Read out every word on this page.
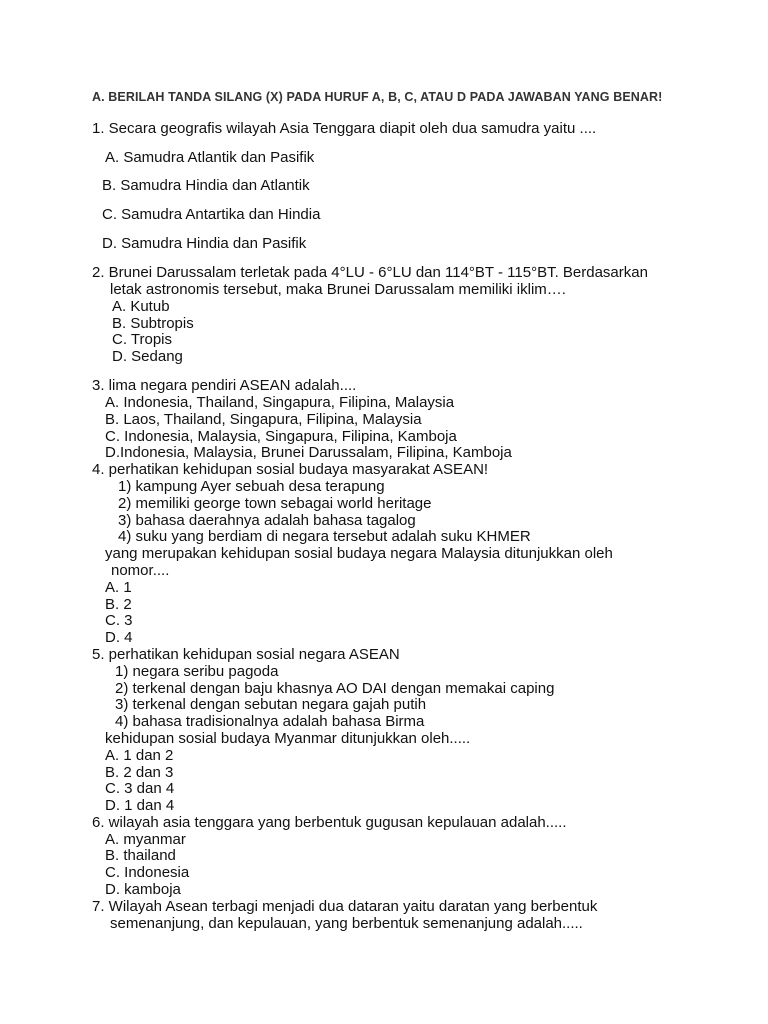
A. BERILAH TANDA SILANG (X) PADA HURUF A, B, C, ATAU D PADA JAWABAN YANG BENAR!
1. Secara geografis wilayah Asia Tenggara diapit oleh dua samudra yaitu ....
A. Samudra Atlantik dan Pasifik
B. Samudra Hindia dan Atlantik
C. Samudra Antartika dan Hindia
D. Samudra Hindia dan Pasifik
2. Brunei Darussalam terletak pada 4°LU - 6°LU dan 114°BT - 115°BT. Berdasarkan
letak astronomis tersebut, maka Brunei Darussalam memiliki iklim….
A. Kutub
B. Subtropis
C. Tropis
D. Sedang
3. lima negara pendiri ASEAN adalah....
A. Indonesia, Thailand, Singapura, Filipina, Malaysia
B. Laos, Thailand, Singapura, Filipina, Malaysia
C. Indonesia, Malaysia, Singapura, Filipina, Kamboja
D.Indonesia, Malaysia, Brunei Darussalam, Filipina, Kamboja
4. perhatikan kehidupan sosial budaya masyarakat ASEAN!
1) kampung Ayer sebuah desa terapung
2) memiliki george town sebagai world heritage
3) bahasa daerahnya adalah bahasa tagalog
4) suku yang berdiam di negara tersebut adalah suku KHMER
yang merupakan kehidupan sosial budaya negara Malaysia ditunjukkan oleh
nomor....
A. 1
B. 2
C. 3
D. 4
5. perhatikan kehidupan sosial negara ASEAN
1) negara seribu pagoda
2) terkenal dengan baju khasnya AO DAI dengan memakai caping
3) terkenal dengan sebutan negara gajah putih
4) bahasa tradisionalnya adalah bahasa Birma
kehidupan sosial budaya Myanmar ditunjukkan oleh.....
A. 1 dan 2
B. 2 dan 3
C. 3 dan 4
D. 1 dan 4
6. wilayah asia tenggara yang berbentuk gugusan kepulauan adalah.....
A. myanmar
B. thailand
C. Indonesia
D. kamboja
7. Wilayah Asean terbagi menjadi dua dataran yaitu daratan yang berbentuk
semenanjung, dan kepulauan, yang berbentuk semenanjung adalah.....
